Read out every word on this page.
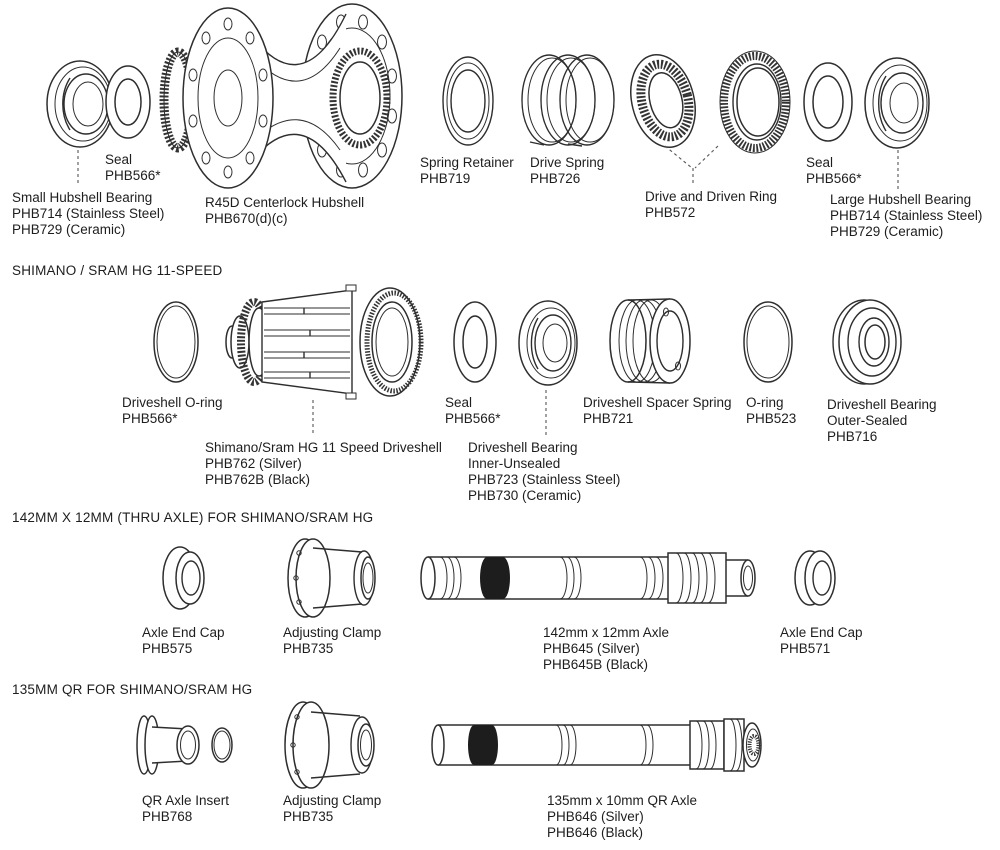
SHIMANO / SRAM HG 11-SPEED
142MM X 12MM (THRU AXLE) FOR SHIMANO/SRAM HG
135MM QR FOR SHIMANO/SRAM HG
Seal
PHB566*
Small Hubshell Bearing
PHB714 (Stainless Steel)
PHB729 (Ceramic)
R45D Centerlock Hubshell
PHB670(d)(c)
Spring Retainer
PHB719
Drive Spring
PHB726
Drive and Driven Ring
PHB572
Seal
PHB566*
Large Hubshell Bearing
PHB714 (Stainless Steel)
PHB729 (Ceramic)
Driveshell O-ring
PHB566*
Shimano/Sram HG 11 Speed Driveshell
PHB762 (Silver)
PHB762B (Black)
Seal
PHB566*
Driveshell Bearing
Inner-Unsealed
PHB723 (Stainless Steel)
PHB730 (Ceramic)
Driveshell Spacer Spring
PHB721
O-ring
PHB523
Driveshell Bearing
Outer-Sealed
PHB716
Axle End Cap
PHB575
Adjusting Clamp
PHB735
142mm x 12mm Axle
PHB645 (Silver)
PHB645B (Black)
Axle End Cap
PHB571
QR Axle Insert
PHB768
Adjusting Clamp
PHB735
135mm x 10mm QR Axle
PHB646 (Silver)
PHB646 (Black)
